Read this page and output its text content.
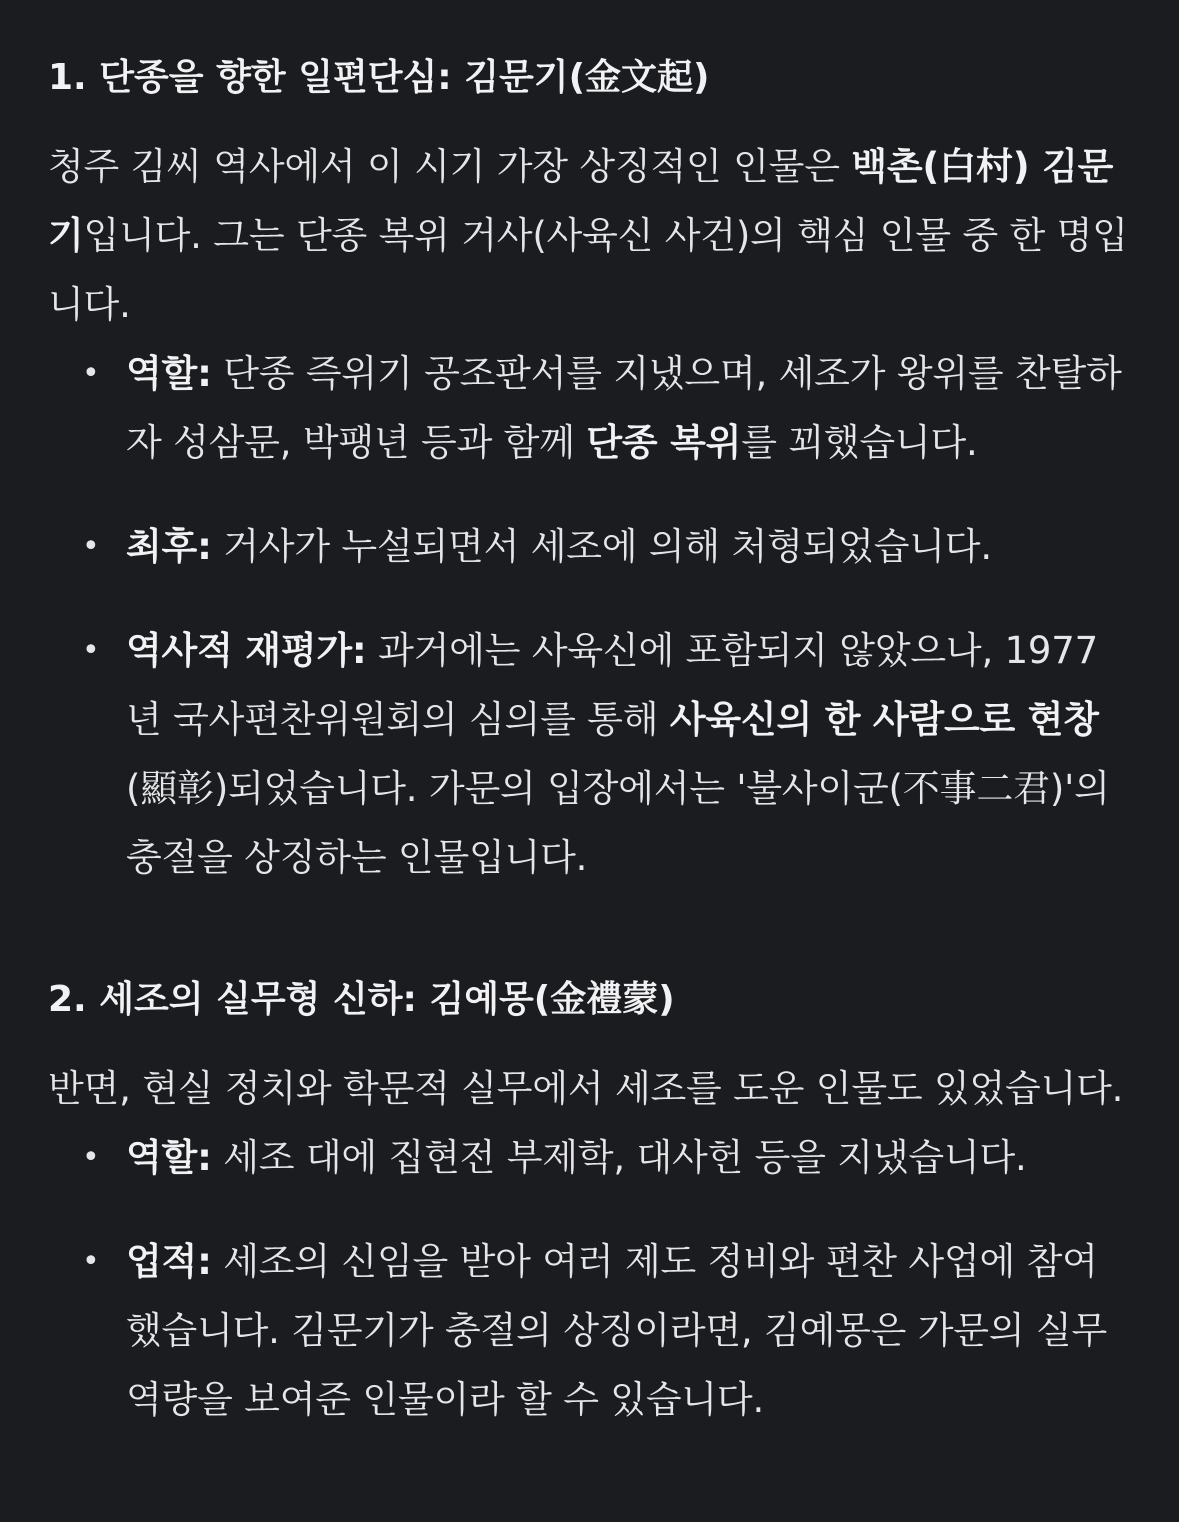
1. 단종을 향한 일편단심: 김문기(金文起)

청주 김씨 역사에서 이 시기 가장 상징적인 인물은 백촌(白村) 김문기입니다. 그는 단종 복위 거사(사육신 사건)의 핵심 인물 중 한 명입니다.

• 역할: 단종 즉위기 공조판서를 지냈으며, 세조가 왕위를 찬탈하자 성삼문, 박팽년 등과 함께 단종 복위를 꾀했습니다.
• 최후: 거사가 누설되면서 세조에 의해 처형되었습니다.
• 역사적 재평가: 과거에는 사육신에 포함되지 않았으나, 1977년 국사편찬위원회의 심의를 통해 사육신의 한 사람으로 현창(顯彰)되었습니다. 가문의 입장에서는 '불사이군(不事二君)'의 충절을 상징하는 인물입니다.
2. 세조의 실무형 신하: 김예몽(金禮蒙)

반면, 현실 정치와 학문적 실무에서 세조를 도운 인물도 있었습니다.

• 역할: 세조 대에 집현전 부제학, 대사헌 등을 지냈습니다.
• 업적: 세조의 신임을 받아 여러 제도 정비와 편찬 사업에 참여했습니다. 김문기가 충절의 상징이라면, 김예몽은 가문의 실무 역량을 보여준 인물이라 할 수 있습니다.
